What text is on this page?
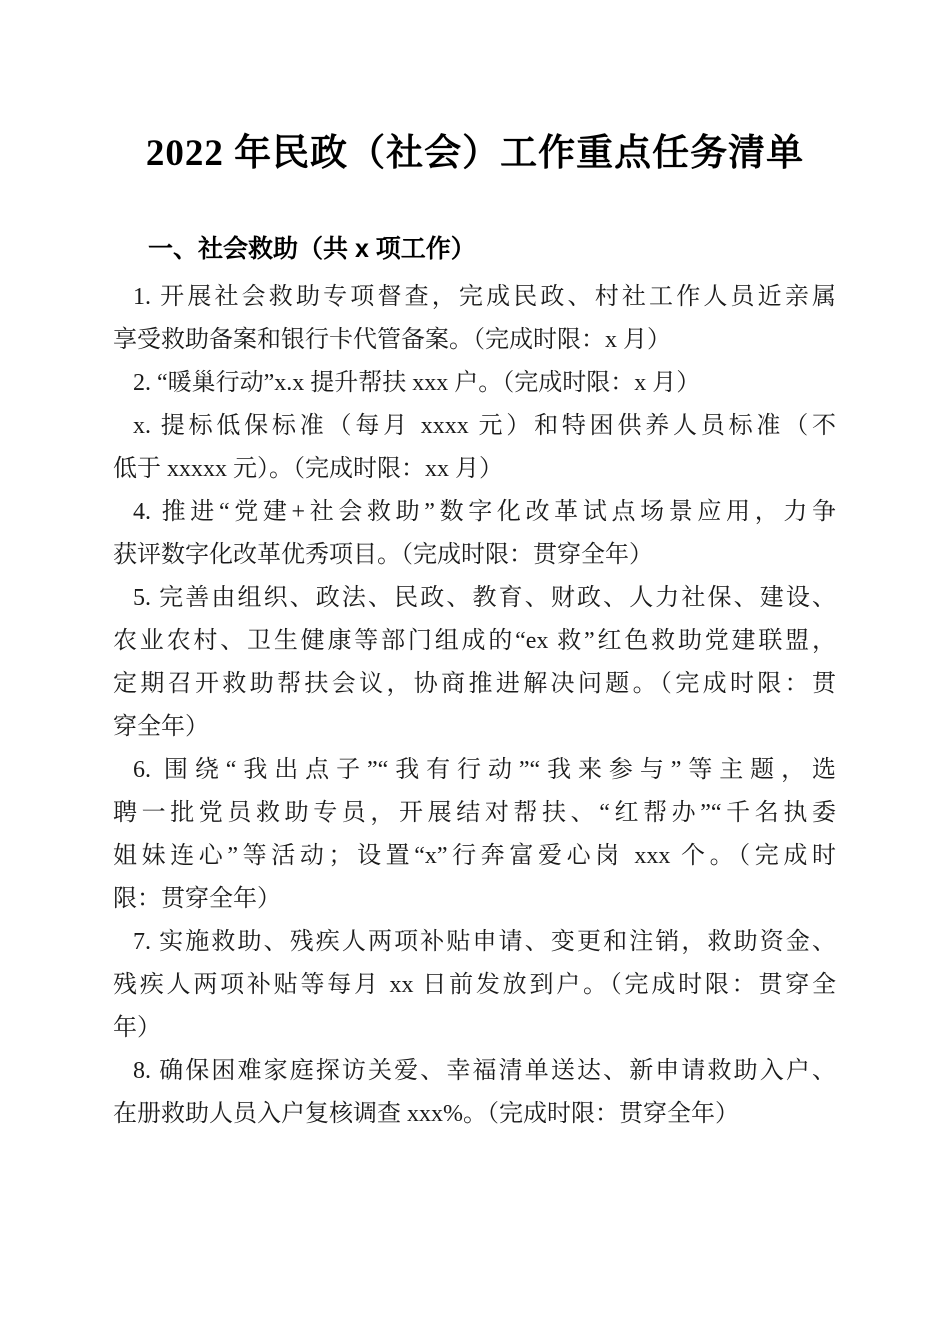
2022 年民政（社会）工作重点任务清单
一、社会救助（共 x 项工作）
1. 开展社会救助专项督查，完成民政、村社工作人员近亲属
享受救助备案和银行卡代管备案。（完成时限：x 月）
2. “暖巢行动”x.x 提升帮扶 xxx 户。（完成时限：x 月）
x. 提标低保标准（每月 xxxx 元）和特困供养人员标准（不
低于 xxxxx 元）。（完成时限：xx 月）
4. 推进“党建+社会救助”数字化改革试点场景应用，力争
获评数字化改革优秀项目。（完成时限：贯穿全年）
5. 完善由组织、政法、民政、教育、财政、人力社保、建设、
农业农村、卫生健康等部门组成的“ex 救”红色救助党建联盟，
定期召开救助帮扶会议，协商推进解决问题。（完成时限：贯
穿全年）
6. 围绕“我出点子”“我有行动”“我来参与”等主题，选
聘一批党员救助专员，开展结对帮扶、“红帮办”“千名执委
姐妹连心”等活动；设置“x”行奔富爱心岗 xxx 个。（完成时
限：贯穿全年）
7. 实施救助、残疾人两项补贴申请、变更和注销，救助资金、
残疾人两项补贴等每月 xx 日前发放到户。（完成时限：贯穿全
年）
8. 确保困难家庭探访关爱、幸福清单送达、新申请救助入户、
在册救助人员入户复核调查 xxx%。（完成时限：贯穿全年）
